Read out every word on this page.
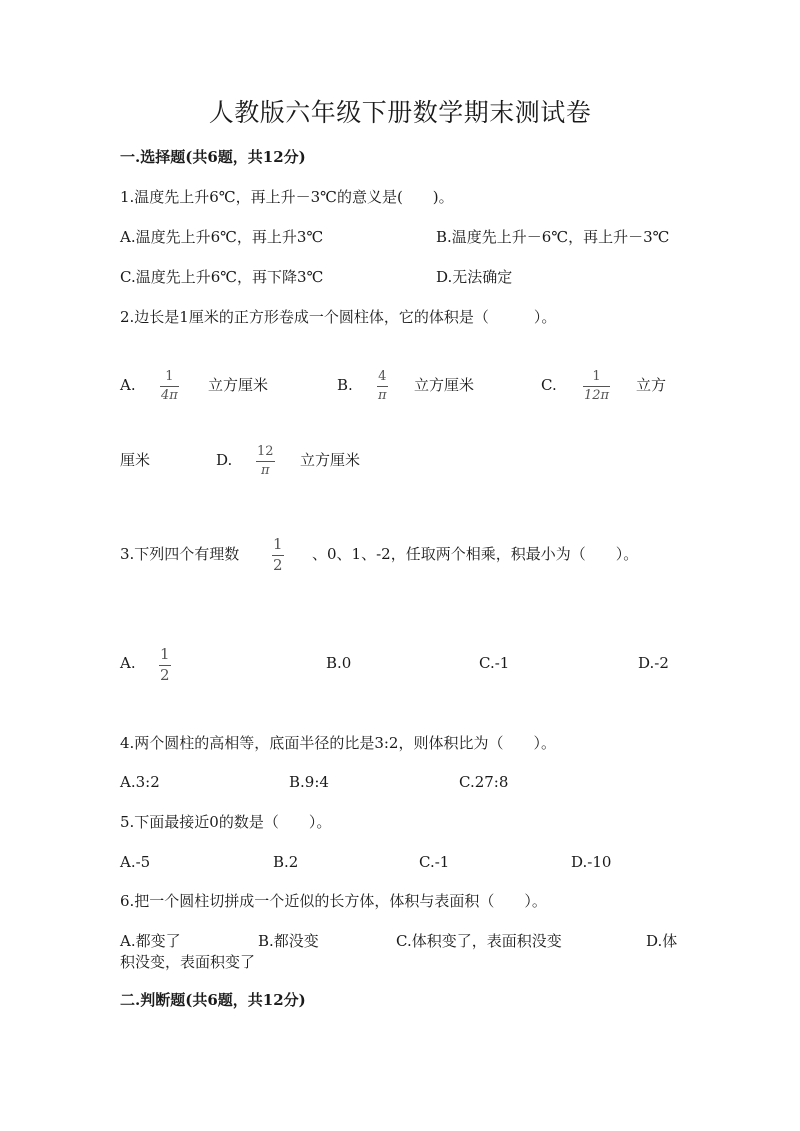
人教版六年级下册数学期末测试卷
一.选择题(共6题，共12分)
1.温度先上升6℃，再上升－3℃的意义是(　　)。
A.温度先上升6℃，再上升3℃	B.温度先上升－6℃，再上升－3℃
C.温度先上升6℃，再下降3℃	D.无法确定
2.边长是1厘米的正方形卷成一个圆柱体，它的体积是（　　　）。
A. 1
4π
立方厘米	B. 4
π
立方厘米	C.	1
12π
立方
厘米	D. 12
π
立方厘米
3.下列四个有理数
1
2
、0、1、-2，任取两个相乘，积最小为（　　）。
A. 1
2
B.0	C.-1	D.-2
4.两个圆柱的高相等，底面半径的比是3:2，则体积比为（　　）。
A.3:2	B.9:4	C.27:8
5.下面最接近0的数是（　　）。
A.-5	B.2	C.-1	D.-10
6.把一个圆柱切拼成一个近似的长方体，体积与表面积（　　）。
A.都变了	B.都没变	C.体积变了，表面积没变	D.体
积没变，表面积变了
二.判断题(共6题，共12分)
